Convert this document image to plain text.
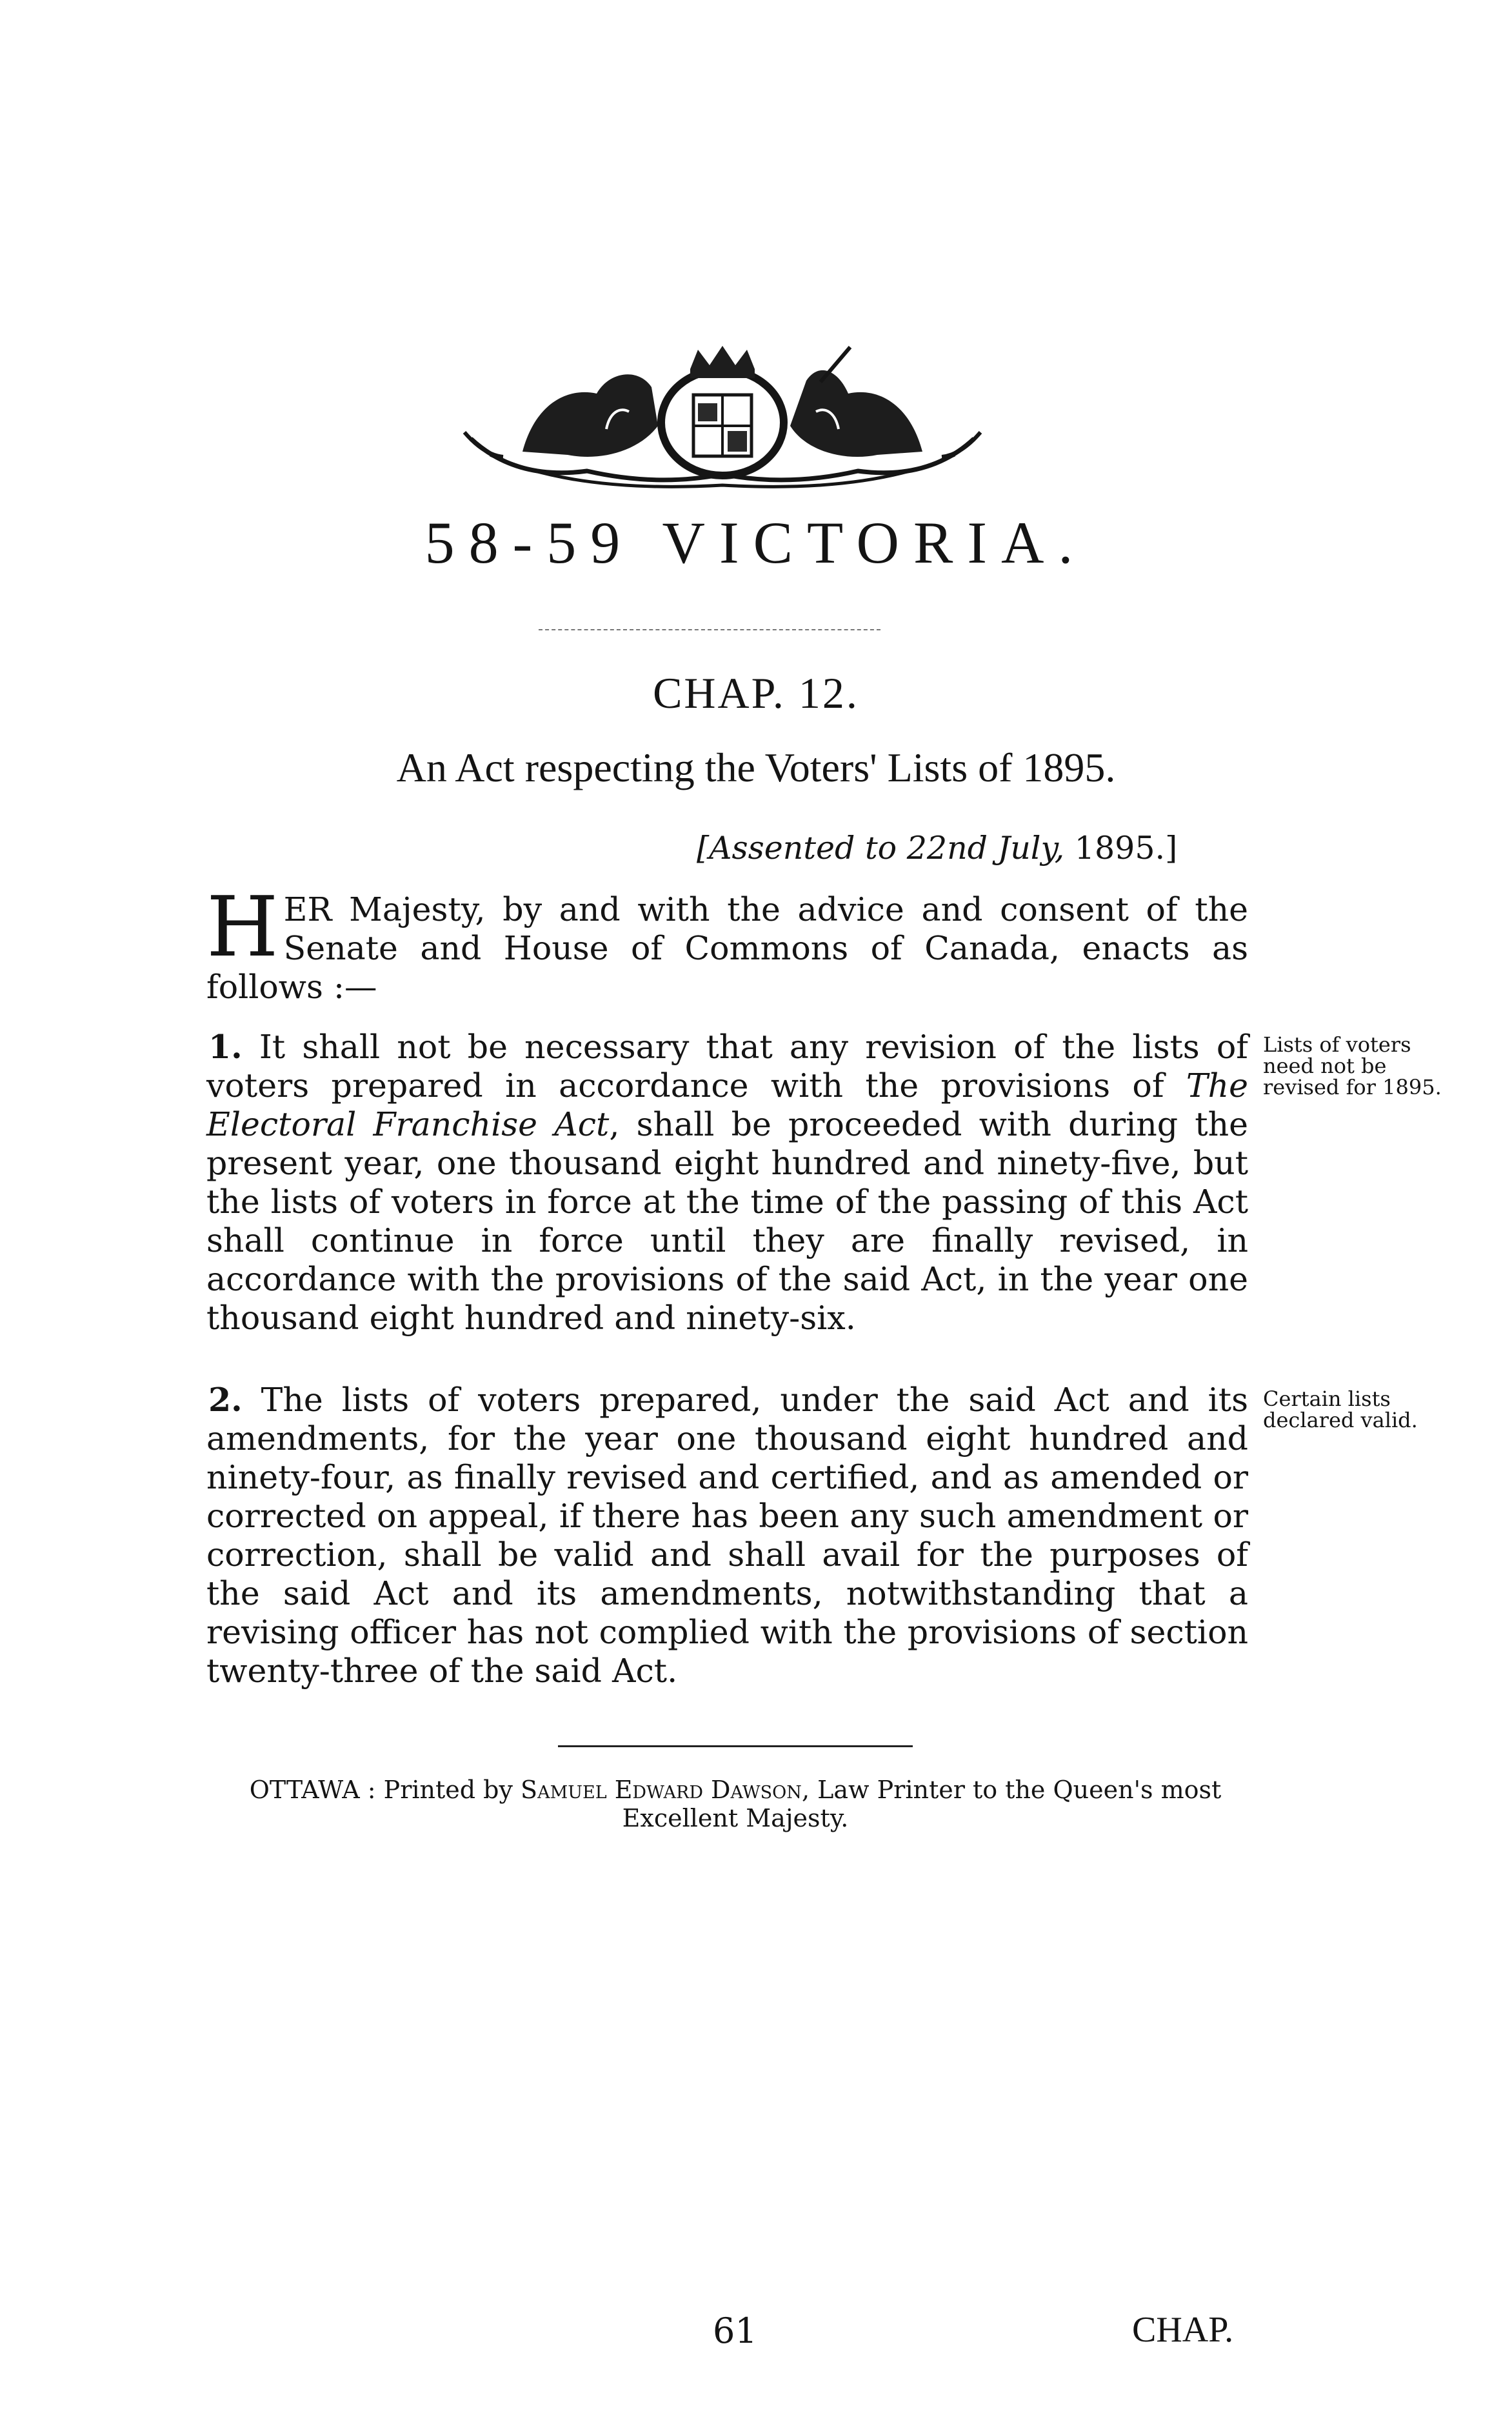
58-59 VICTORIA.
CHAP. 12.
An Act respecting the Voters' Lists of 1895.
[Assented to 22nd July, 1895.]
HER Majesty, by and with the advice and consent of the Senate and House of Commons of Canada, enacts as follows :—
1. It shall not be necessary that any revision of the lists of voters prepared in accordance with the provisions of The Electoral Franchise Act, shall be proceeded with during the present year, one thousand eight hundred and ninety-five, but the lists of voters in force at the time of the passing of this Act shall continue in force until they are finally revised, in accordance with the provisions of the said Act, in the year one thousand eight hundred and ninety-six.
Lists of voters need not be revised for 1895.
2. The lists of voters prepared, under the said Act and its amendments, for the year one thousand eight hundred and ninety-four, as finally revised and certified, and as amended or corrected on appeal, if there has been any such amendment or correction, shall be valid and shall avail for the purposes of the said Act and its amendments, notwithstanding that a revising officer has not complied with the provisions of section twenty-three of the said Act.
Certain lists declared valid.
OTTAWA : Printed by Samuel Edward Dawson, Law Printer to the Queen's most Excellent Majesty.
61	CHAP.
